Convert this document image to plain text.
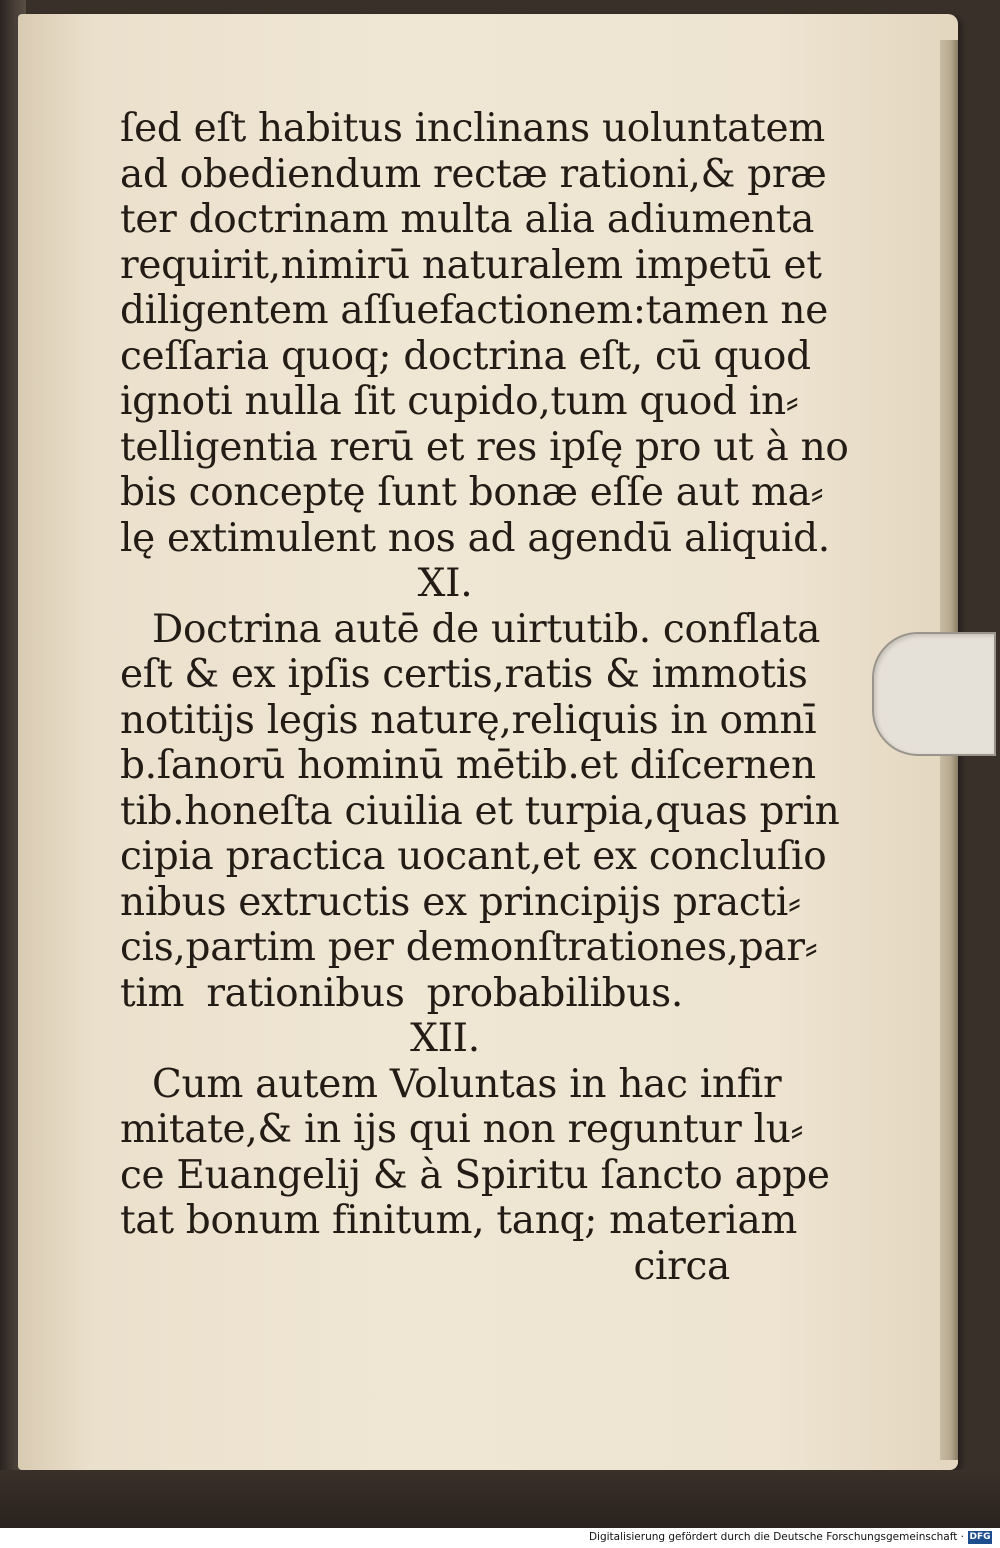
ſed eſt habitus inclinans uoluntatem
ad obediendum rectæ rationi,& præ
ter doctrinam multa alia adiumenta
requirit,nimirū naturalem impetū et
diligentem aſſuefactionem:tamen ne
ceſſaria quoq; doctrina eſt, cū quod
ignoti nulla ſit cupido,tum quod in⸗
telligentia rerū et res ipſę pro ut à no
bis conceptę ſunt bonæ eſſe aut ma⸗
lę extimulent nos ad agendū aliquid.
XI.
Doctrina autē de uirtutib. conflata
eſt & ex ipſis certis,ratis & immotis
notitijs legis naturę,reliquis in omnī
b.ſanorū hominū mētib.et diſcernen
tib.honeſta ciuilia et turpia,quas prin
cipia practica uocant,et ex concluſio
nibus extructis ex principijs practi⸗
cis,partim per demonſtrationes,par⸗
tim rationibus probabilibus.
XII.
Cum autem Voluntas in hac infir
mitate,& in ijs qui non reguntur lu⸗
ce Euangelij & à Spiritu ſancto appe
tat bonum finitum, tanq; materiam
circa
Digitalisierung gefördert durch die Deutsche Forschungsgemeinschaft · DFG
